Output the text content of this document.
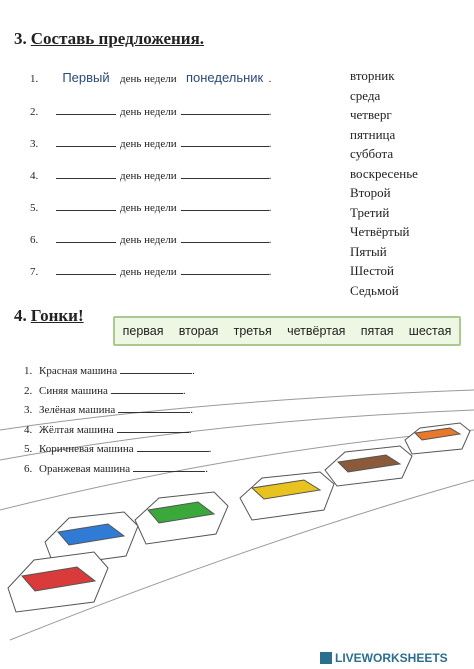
3. Составь предложения.
1. Первый день недели понедельник .
2.	день недели	.
3.	день недели	.
4.	день недели	.
5.	день недели	.
6.	день недели	.
7.	день недели	.
вторник
среда
четверг
пятница
суббота
воскресенье
Второй
Третий
Четвёртый
Пятый
Шестой
Седьмой
4. Гонки!
первая вторая третья четвёртая пятая шестая
1. Красная машина	.
2. Синяя машина	.
3. Зелёная машина	.
4. Жёлтая машина	.
5. Коричневая машина	.
6. Оранжевая машина	.
LIVEWORKSHEETS
